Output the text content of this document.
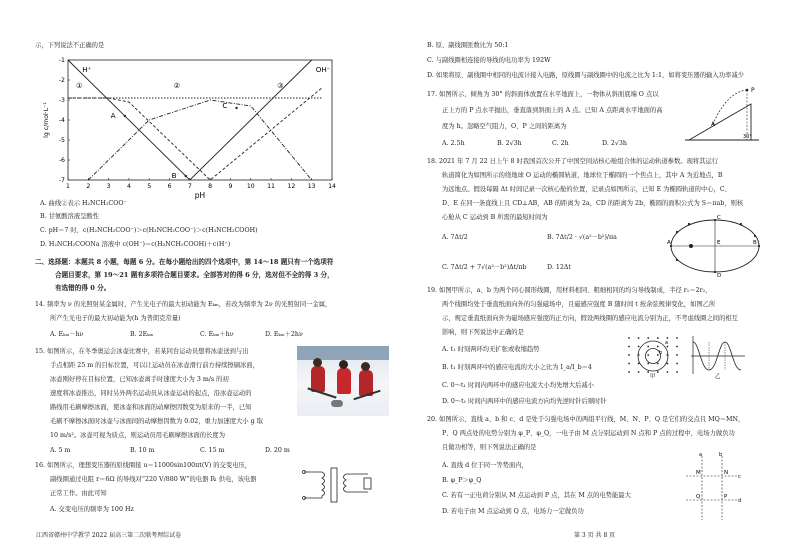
示，下列说法不正确的是
1	2	3	4	5	6	7	8	9 10 11 12 13 14
-1
-2
-3
-4
-5
-6
-7
pH
lg c/mol·L⁻¹
①	②	③
H⁺	OH⁻
A
B
C
A. 曲线②表示 H₂NCH₂COO⁻
B. 甘氨酸溶液呈酸性
C. pH＝7 时，c(H₂NCH₂COO⁻)＞c(H₃NCH₂COO⁻)＞c(H₃NCH₂COOH)
D. H₂NCH₂COONa 溶液中 c(OH⁻)＝c(H₃NCH₂COOH)＋c(H⁺)
二、选择题：本题共 8 小题，每题 6 分。在每小题给出的四个选项中，第 14～18 题只有一个选项符
合题目要求，第 19～21 题有多项符合题目要求。全部答对的得 6 分，选对但不全的得 3 分，
有选错的得 0 分。
14. 频率为 ν 的光照射某金属时，产生光电子的最大初动能为 Eₖₘ，若改为频率为 2ν 的光照射同一金属，
所产生光电子的最大初动能为(h 为普朗克常量)
A. Eₖₘ－hν	B. 2Eₖₘ	C. Eₖₘ＋hν	D. Eₖₘ＋2hν
15. 如图所示，在冬季奥运会冰壶比赛中，若某同台运动员想将冰壶送到与出
手点相距 25 m 的目标位置，可以让运动员在冰壶滑行前方持续擦刷冰面，
冰壶刚好停在目标位置，已知冰壶离手时速度大小为 3 m/s 的初
速度将冰壶推出，同时另外两名运动员从冰壶运动的起点，沿冰壶运动的
路线用毛刷摩擦冰面，使冰壶和冰面的动摩擦因数变为原来的一半，已知
毛刷不摩擦冰面时冰壶与冰面间的动摩擦因数为 0.02，重力加速度大小 g 取
10 m/s²。冰壶可视为质点，则运动员用毛刷摩擦冰面的长度为
A. 5 m	B. 10 m	C. 15 m	D. 20 m
16. 如图所示，理想变压器的原线圈接 u＝11000sin100πt(V) 的交变电压，
副线圈通过电阻 r＝6Ω 的导线对“220 V/880 W”的电器 Rₗ 供电，该电器
正常工作。由此可知
A. 交变电压的频率为 100 Hz
江西省赣州中学教学 2022 届高三第二次联考理综试卷
B. 原、副线圈匝数比为 50:1
C. 与副线圈相连接的导线的电功率为 192W
D. 如果将原、副线圈中相同的电流计接入电路，原线圈与副线圈中的电流之比为 1:1，如将变压器的输入功率减少
17. 如图所示，倾角为 30° 的斜面体放置在水平地面上，一物体从斜面底端 O 点以
正上方的 P 点水平抛出，垂直落到斜面上的 A 点。已知 A 点距离水平地面的高
度为 h。忽略空气阻力，O、P 之间的距离为
A. 2.5h	B. 2√3h	C. 2h	D. 2√3h
P
A
30°
18. 2021 年 7 月 22 日上午 8 时我国首次公开了中国空间站核心舱组合体的运动轨道参数。现将其运行
轨道简化为如图所示的绕地球 O 运动的椭圆轨道，地球位于椭圆的一个焦点上，其中 A 为近地点，B
为远地点。假设每隔 Δt 时间记录一次核心舱的位置，记录点如图所示，已知 E 为椭圆轨道的中心，C、
D、E 在同一条直线上且 CD⊥AB，AB 的距离为 2a，CD 的距离为 2b，椭圆的面积公式为 S＝πab，则核
心舱从 C 运动到 B 所需的最短时间为
A. 7Δt/2	B. 7Δt/2 · √(a²－b²)/πa
C. 7Δt/2 + 7√(a²－b²)Δt/πb	D. 12Δt
A	B
C
D
E
19. 如图甲所示，a、b 为两个同心圆形线圈，用材料相同、粗细相同的均匀导线制成，半径 r₁＝2r₂，
两个线圈均处于垂直纸面向外的匀强磁场中，且磁感应强度 B 随时间 t 按余弦规律变化，如图乙所
示，规定垂直纸面向外为磁场感应强度的正方向，假设两线圈的感应电流分别为正，不考虑线圈之间的相互
影响，则下列说法中正确的是
A. t₁ 时刻两环均无扩张或收缩趋势
B. t₁ 时刻两环中的感应电流的大小之比为 I_a/I_b＝4
C. 0～t₁ 时间内两环中的感应电流大小均先增大后减小
D. 0～t₁ 时间内两环中的感应电流方向均先逆时针后顺时针
a
b
甲	乙
20. 如图所示，直线 a、b 和 c、d 是处于匀强电场中的两组平行线，M、N、P、Q 是它们的交点且 MQ＝MN，
P、Q 两点处的电势分别为 φ_P、φ_Q，一电子由 M 点分别运动到 N 点和 P 点的过程中，电场力做负功
且做功相等，则下列说法正确的是
A. 直线 d 位于同一等势面内，
B. φ_P＞φ_Q
C. 若有一正电荷分别从 M 点运动到 P 点，其在 M 点的电势能最大
D. 若电子由 M 点运动到 Q 点，电场力一定做负功
M	N
P
Q
a	b
c
d
第 3 页 共 8 页
